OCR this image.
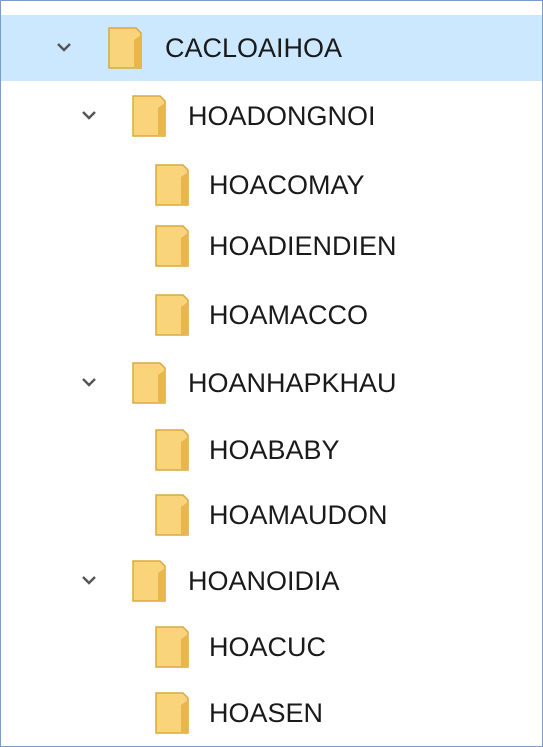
CACLOAIHOA
HOADONGNOI
HOACOMAY
HOADIENDIEN
HOAMACCO
HOANHAPKHAU
HOABABY
HOAMAUDON
HOANOIDIA
HOACUC
HOASEN
